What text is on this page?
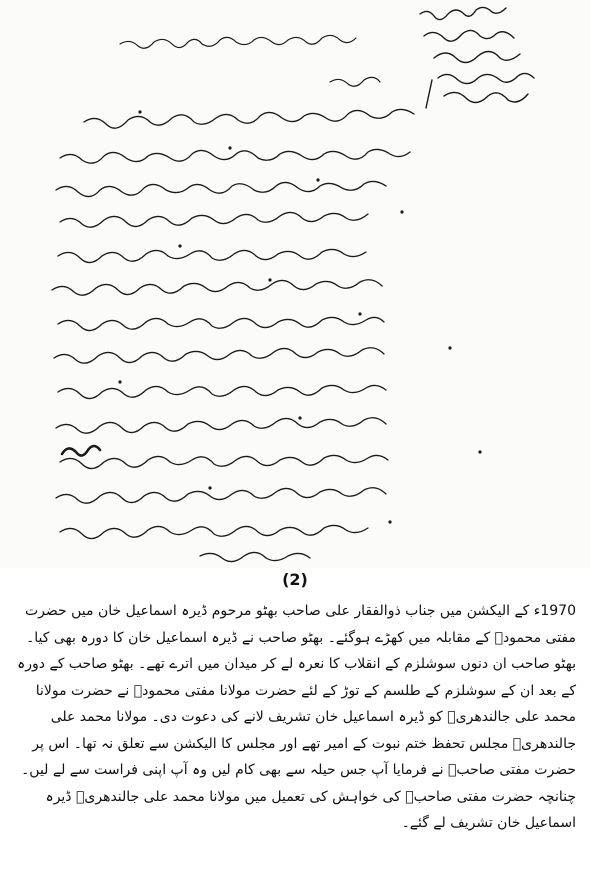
(2)

1970ء کے الیکشن میں جناب ذوالفقار علی صاحب بھٹو مرحوم ڈیرہ اسماعیل خان میں حضرت مفتی محمودؒ کے مقابلہ میں کھڑے ہوگئے۔ بھٹو صاحب نے ڈیرہ اسماعیل خان کا دورہ بھی کیا۔ بھٹو صاحب ان دنوں سوشلزم کے انقلاب کا نعرہ لے کر میدان میں اترے تھے۔ بھٹو صاحب کے دورہ کے بعد ان کے سوشلزم کے طلسم کے توڑ کے لئے حضرت مولانا مفتی محمودؒ نے حضرت مولانا محمد علی جالندھریؒ کو ڈیرہ اسماعیل خان تشریف لانے کی دعوت دی۔ مولانا محمد علی جالندھریؒ مجلس تحفظ ختم نبوت کے امیر تھے اور مجلس کا الیکشن سے تعلق نہ تھا۔ اس پر حضرت مفتی صاحبؒ نے فرمایا آپ جس حیلہ سے بھی کام لیں وہ آپ اپنی فراست سے لے لیں۔ چنانچہ حضرت مفتی صاحبؒ کی خواہش کی تعمیل میں مولانا محمد علی جالندھریؒ ڈیرہ اسماعیل خان تشریف لے گئے۔
